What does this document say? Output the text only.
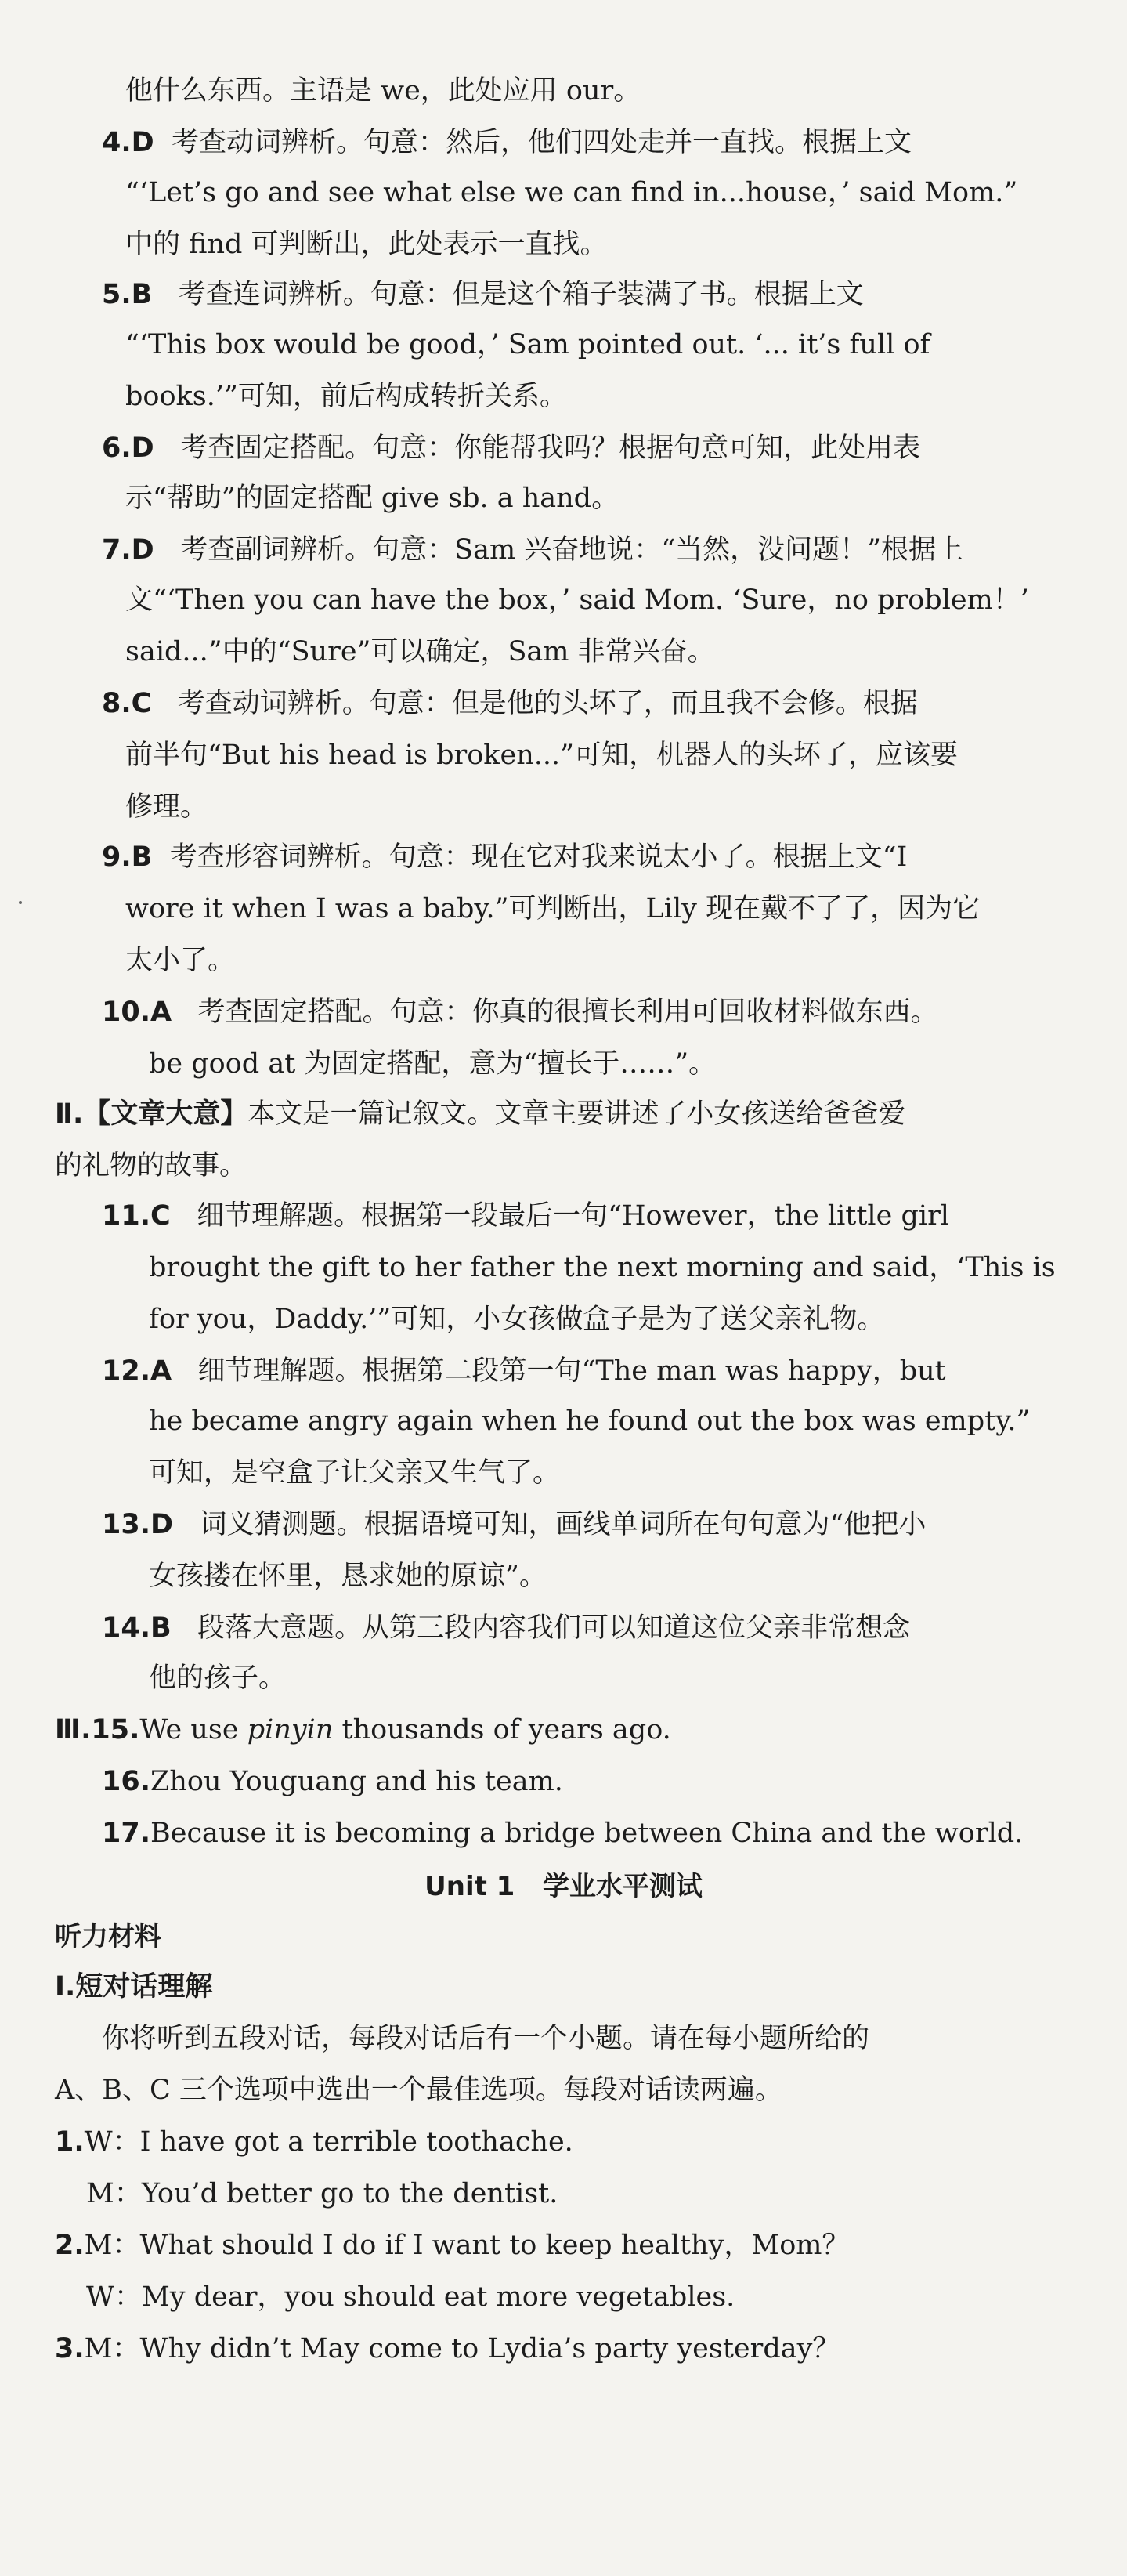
他什么东西。主语是 we，此处应用 our。
4.D 考查动词辨析。句意：然后，他们四处走并一直找。根据上文
“‘Let’s go and see what else we can find in...house，’ said Mom.”
中的 find 可判断出，此处表示一直找。
5.B 考查连词辨析。句意：但是这个箱子装满了书。根据上文
“‘This box would be good，’ Sam pointed out. ‘... it’s full of
books.’”可知，前后构成转折关系。
6.D 考查固定搭配。句意：你能帮我吗？根据句意可知，此处用表
示“帮助”的固定搭配 give sb. a hand。
7.D 考查副词辨析。句意：Sam 兴奋地说：“当然，没问题！”根据上
文“‘Then you can have the box，’ said Mom. ‘Sure，no problem！’
said...”中的“Sure”可以确定，Sam 非常兴奋。
8.C 考查动词辨析。句意：但是他的头坏了，而且我不会修。根据
前半句“But his head is broken...”可知，机器人的头坏了，应该要
修理。
9.B 考查形容词辨析。句意：现在它对我来说太小了。根据上文“I
wore it when I was a baby.”可判断出，Lily 现在戴不了了，因为它
太小了。
10.A 考查固定搭配。句意：你真的很擅长利用可回收材料做东西。
be good at 为固定搭配，意为“擅长于……”。
Ⅱ.【文章大意】本文是一篇记叙文。文章主要讲述了小女孩送给爸爸爱
的礼物的故事。
11.C 细节理解题。根据第一段最后一句“However，the little girl
brought the gift to her father the next morning and said，‘This is
for you，Daddy.’”可知，小女孩做盒子是为了送父亲礼物。
12.A 细节理解题。根据第二段第一句“The man was happy，but
he became angry again when he found out the box was empty.”
可知，是空盒子让父亲又生气了。
13.D 词义猜测题。根据语境可知，画线单词所在句句意为“他把小
女孩搂在怀里，恳求她的原谅”。
14.B 段落大意题。从第三段内容我们可以知道这位父亲非常想念
他的孩子。
Ⅲ.15.We use pinyin thousands of years ago.
16.Zhou Youguang and his team.
17.Because it is becoming a bridge between China and the world.
Unit 1 学业水平测试
听力材料
Ⅰ.短对话理解
你将听到五段对话，每段对话后有一个小题。请在每小题所给的
A、B、C 三个选项中选出一个最佳选项。每段对话读两遍。
1.W：I have got a terrible toothache.
M：You’d better go to the dentist.
2.M：What should I do if I want to keep healthy，Mom？
W：My dear，you should eat more vegetables.
3.M：Why didn’t May come to Lydia’s party yesterday？
